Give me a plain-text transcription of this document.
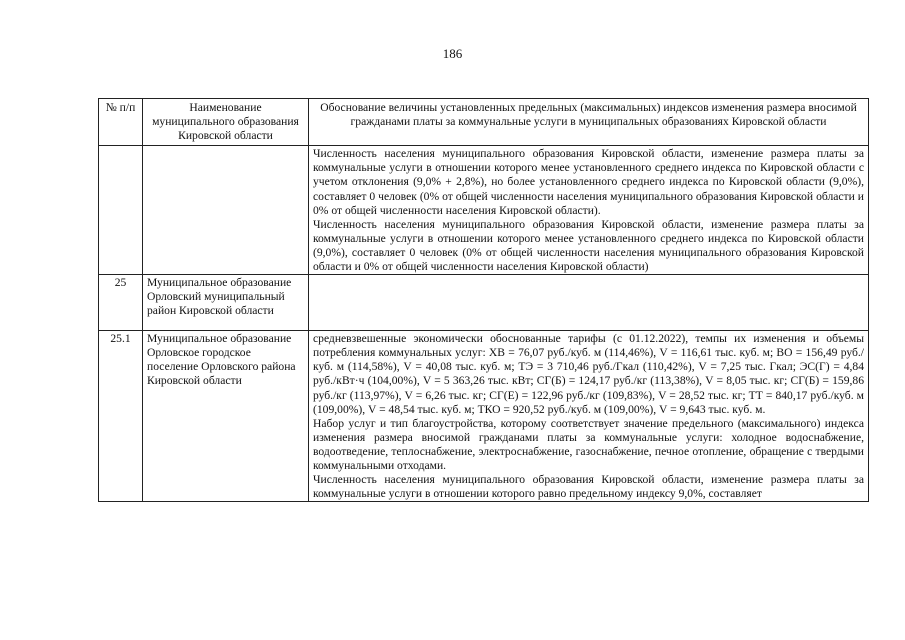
186
№ п/п	Наименование муниципального образования Кировской области	Обоснование величины установленных предельных (максимальных) индексов изменения размера вносимой гражданами платы за коммунальные услуги в муниципальных образованиях Кировской области

		Численность населения муниципального образования Кировской области, изменение размера платы за коммунальные услуги в отношении которого менее установленного среднего индекса по Кировской области с учетом отклонения (9,0% + 2,8%), но более установленного среднего индекса по Кировской области (9,0%), составляет 0 человек (0% от общей численности населения муниципального образования Кировской области и 0% от общей численности населения Кировской области).

Численность населения муниципального образования Кировской области, изменение размера платы за коммунальные услуги в отношении которого менее установленного среднего индекса по Кировской области (9,0%), составляет 0 человек (0% от общей численности населения муниципального образования Кировской области и 0% от общей численности населения Кировской области)

25	Муниципальное образование Орловский муниципальный район Кировской области	
25.1	Муниципальное образование Орловское городское поселение Орловского района Кировской области	средневзвешенные экономически обоснованные тарифы (с 01.12.2022), темпы их изменения и объемы потребления коммунальных услуг: ХВ = 76,07 руб./куб. м (114,46%), V = 116,61 тыс. куб. м; ВО = 156,49 руб./куб. м (114,58%), V = 40,08 тыс. куб. м; ТЭ = 3 710,46 руб./Гкал (110,42%), V = 7,25 тыс. Гкал; ЭС(Г) = 4,84 руб./кВт·ч (104,00%), V = 5 363,26 тыс. кВт; СГ(Б) = 124,17 руб./кг (113,38%), V = 8,05 тыс. кг; СГ(Б) = 159,86 руб./кг (113,97%), V = 6,26 тыс. кг; СГ(Е) = 122,96 руб./кг (109,83%), V = 28,52 тыс. кг; ТТ = 840,17 руб./куб. м (109,00%), V = 48,54 тыс. куб. м; ТКО = 920,52 руб./куб. м (109,00%), V = 9,643 тыс. куб. м.

Набор услуг и тип благоустройства, которому соответствует значение предельного (максимального) индекса изменения размера вносимой гражданами платы за коммунальные услуги: холодное водоснабжение, водоотведение, теплоснабжение, электроснабжение, газоснабжение, печное отопление, обращение с твердыми коммунальными отходами.

Численность населения муниципального образования Кировской области, изменение размера платы за коммунальные услуги в отношении которого равно предельному индексу 9,0%, составляет
